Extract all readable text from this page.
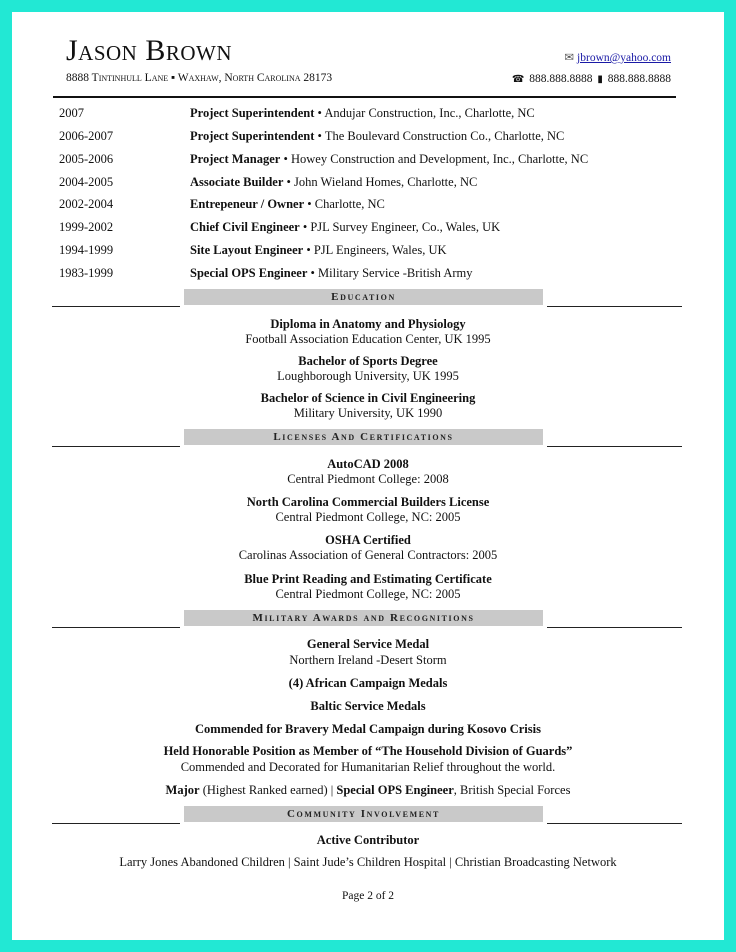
Jason Brown
8888 Tintinhull Lane ▪ Waxhaw, North Carolina 28173
✉ jbrown@yahoo.com
☎ 888.888.8888 ▮ 888.888.8888
2007	Project Superintendent • Andujar Construction, Inc., Charlotte, NC
2006-2007	Project Superintendent • The Boulevard Construction Co., Charlotte, NC
2005-2006	Project Manager • Howey Construction and Development, Inc., Charlotte, NC
2004-2005	Associate Builder • John Wieland Homes, Charlotte, NC
2002-2004	Entrepeneur / Owner • Charlotte, NC
1999-2002	Chief Civil Engineer • PJL Survey Engineer, Co., Wales, UK
1994-1999	Site Layout Engineer • PJL Engineers, Wales, UK
1983-1999	Special OPS Engineer • Military Service -British Army
Education
Diploma in Anatomy and Physiology
Football Association Education Center, UK 1995
Bachelor of Sports Degree
Loughborough University, UK 1995
Bachelor of Science in Civil Engineering
Military University, UK 1990
Licenses And Certifications
AutoCAD 2008
Central Piedmont College: 2008
North Carolina Commercial Builders License
Central Piedmont College, NC: 2005
OSHA Certified
Carolinas Association of General Contractors: 2005
Blue Print Reading and Estimating Certificate
Central Piedmont College, NC: 2005
Military Awards and Recognitions
General Service Medal
Northern Ireland -Desert Storm
(4) African Campaign Medals
Baltic Service Medals
Commended for Bravery Medal Campaign during Kosovo Crisis
Held Honorable Position as Member of “The Household Division of Guards”
Commended and Decorated for Humanitarian Relief throughout the world.
Major (Highest Ranked earned) | Special OPS Engineer, British Special Forces
Community Involvement
Active Contributor
Larry Jones Abandoned Children | Saint Jude’s Children Hospital | Christian Broadcasting Network
Page 2 of 2
